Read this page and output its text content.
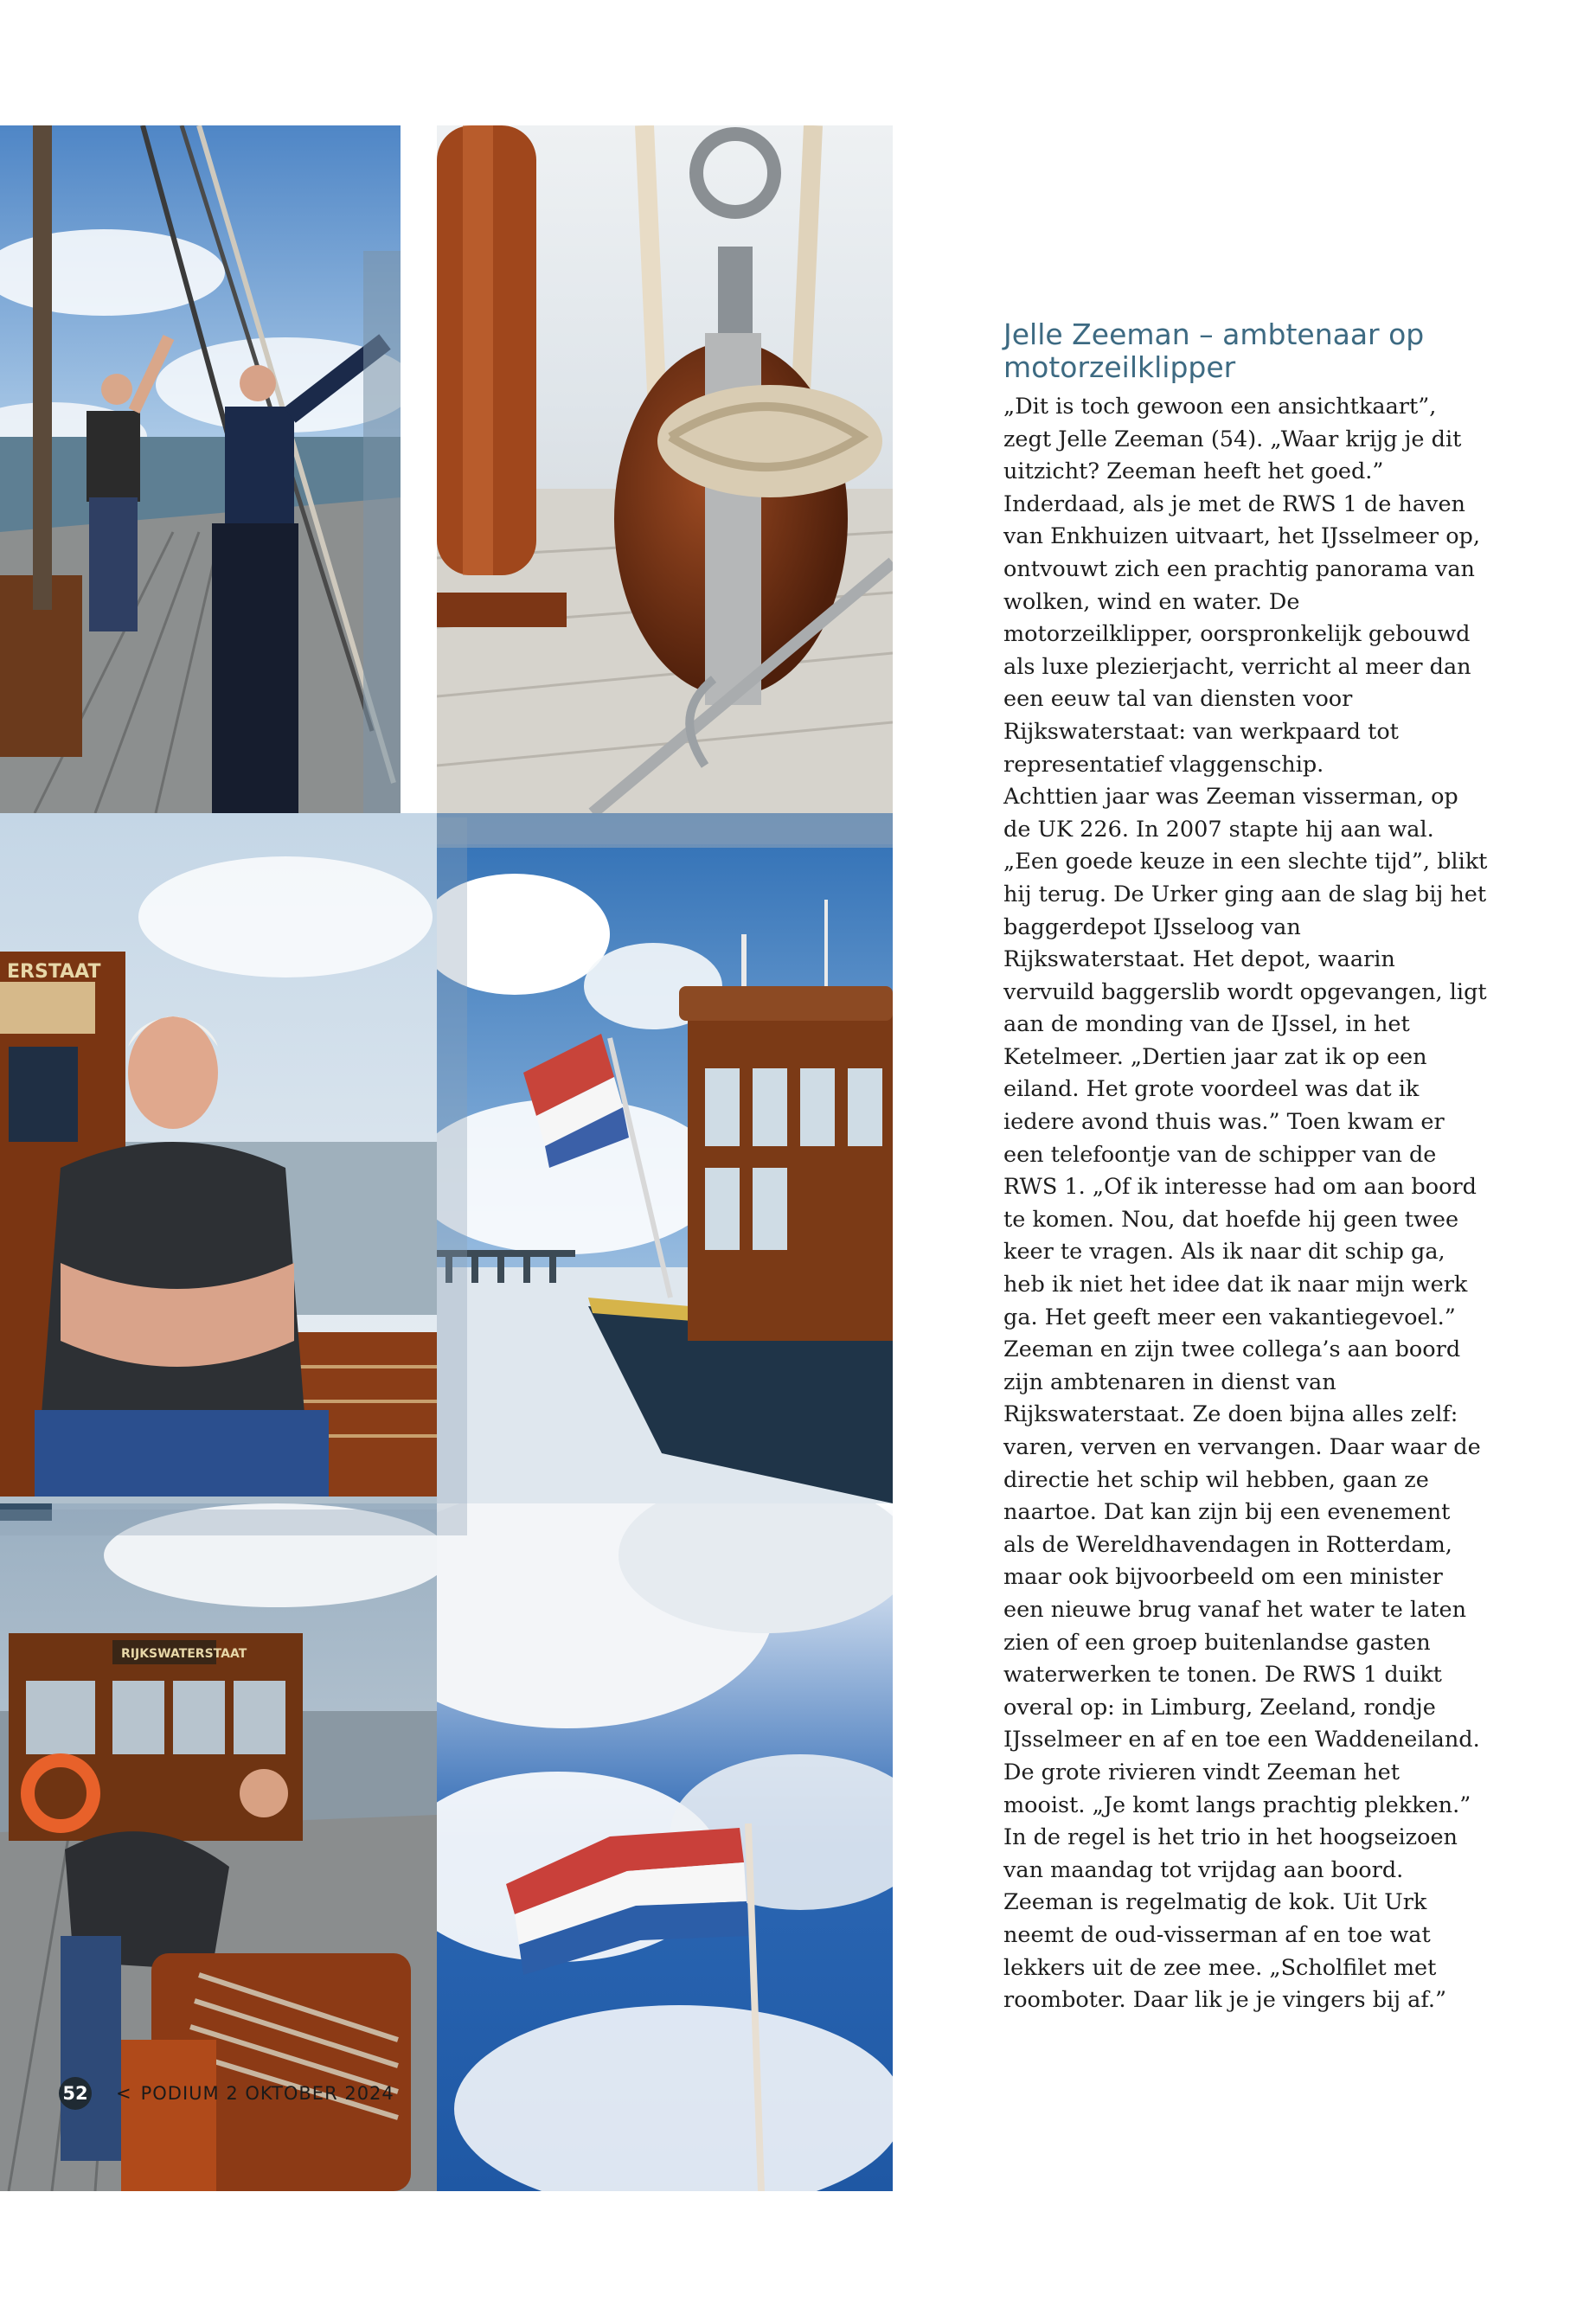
ERSTAAT
RIJKSWATERSTAAT
Jelle Zeeman – ambtenaar op motorzeilklipper

„Dit is toch gewoon een ansichtkaart”, zegt Jelle Zeeman (54). „Waar krijg je dit uitzicht? Zeeman heeft het goed.” Inderdaad, als je met de RWS 1 de haven van Enkhuizen uitvaart, het IJsselmeer op, ontvouwt zich een prachtig panorama van wolken, wind en water. De motorzeilklipper, oorspronkelijk gebouwd als luxe plezierjacht, verricht al meer dan een eeuw tal van diensten voor Rijkswaterstaat: van werkpaard tot representatief vlaggenschip.

Achttien jaar was Zeeman visserman, op de UK 226. In 2007 stapte hij aan wal. „Een goede keuze in een slechte tijd”, blikt hij terug. De Urker ging aan de slag bij het baggerdepot IJsseloog van Rijkswaterstaat. Het depot, waarin vervuild baggerslib wordt opgevangen, ligt aan de monding van de IJssel, in het Ketelmeer. „Dertien jaar zat ik op een eiland. Het grote voordeel was dat ik iedere avond thuis was.” Toen kwam er een telefoontje van de schipper van de RWS 1. „Of ik interesse had om aan boord te komen. Nou, dat hoefde hij geen twee keer te vragen. Als ik naar dit schip ga, heb ik niet het idee dat ik naar mijn werk ga. Het geeft meer een vakantiegevoel.” Zeeman en zijn twee collega’s aan boord zijn ambtenaren in dienst van Rijkswaterstaat. Ze doen bijna alles zelf: varen, verven en vervangen. Daar waar de directie het schip wil hebben, gaan ze naartoe. Dat kan zijn bij een evenement als de Wereldhavendagen in Rotterdam, maar ook bijvoorbeeld om een minister een nieuwe brug vanaf het water te laten zien of een groep buitenlandse gasten waterwerken te tonen. De RWS 1 duikt overal op: in Limburg, Zeeland, rondje IJsselmeer en af en toe een Waddeneiland.

De grote rivieren vindt Zeeman het mooist. „Je komt langs prachtig plekken.” In de regel is het trio in het hoogseizoen van maandag tot vrijdag aan boord. Zeeman is regelmatig de kok. Uit Urk neemt de oud-visserman af en toe wat lekkers uit de zee mee. „Scholfilet met roomboter. Daar lik je je vingers bij af.”

52	< PODIUM 2 OKTOBER 2024
